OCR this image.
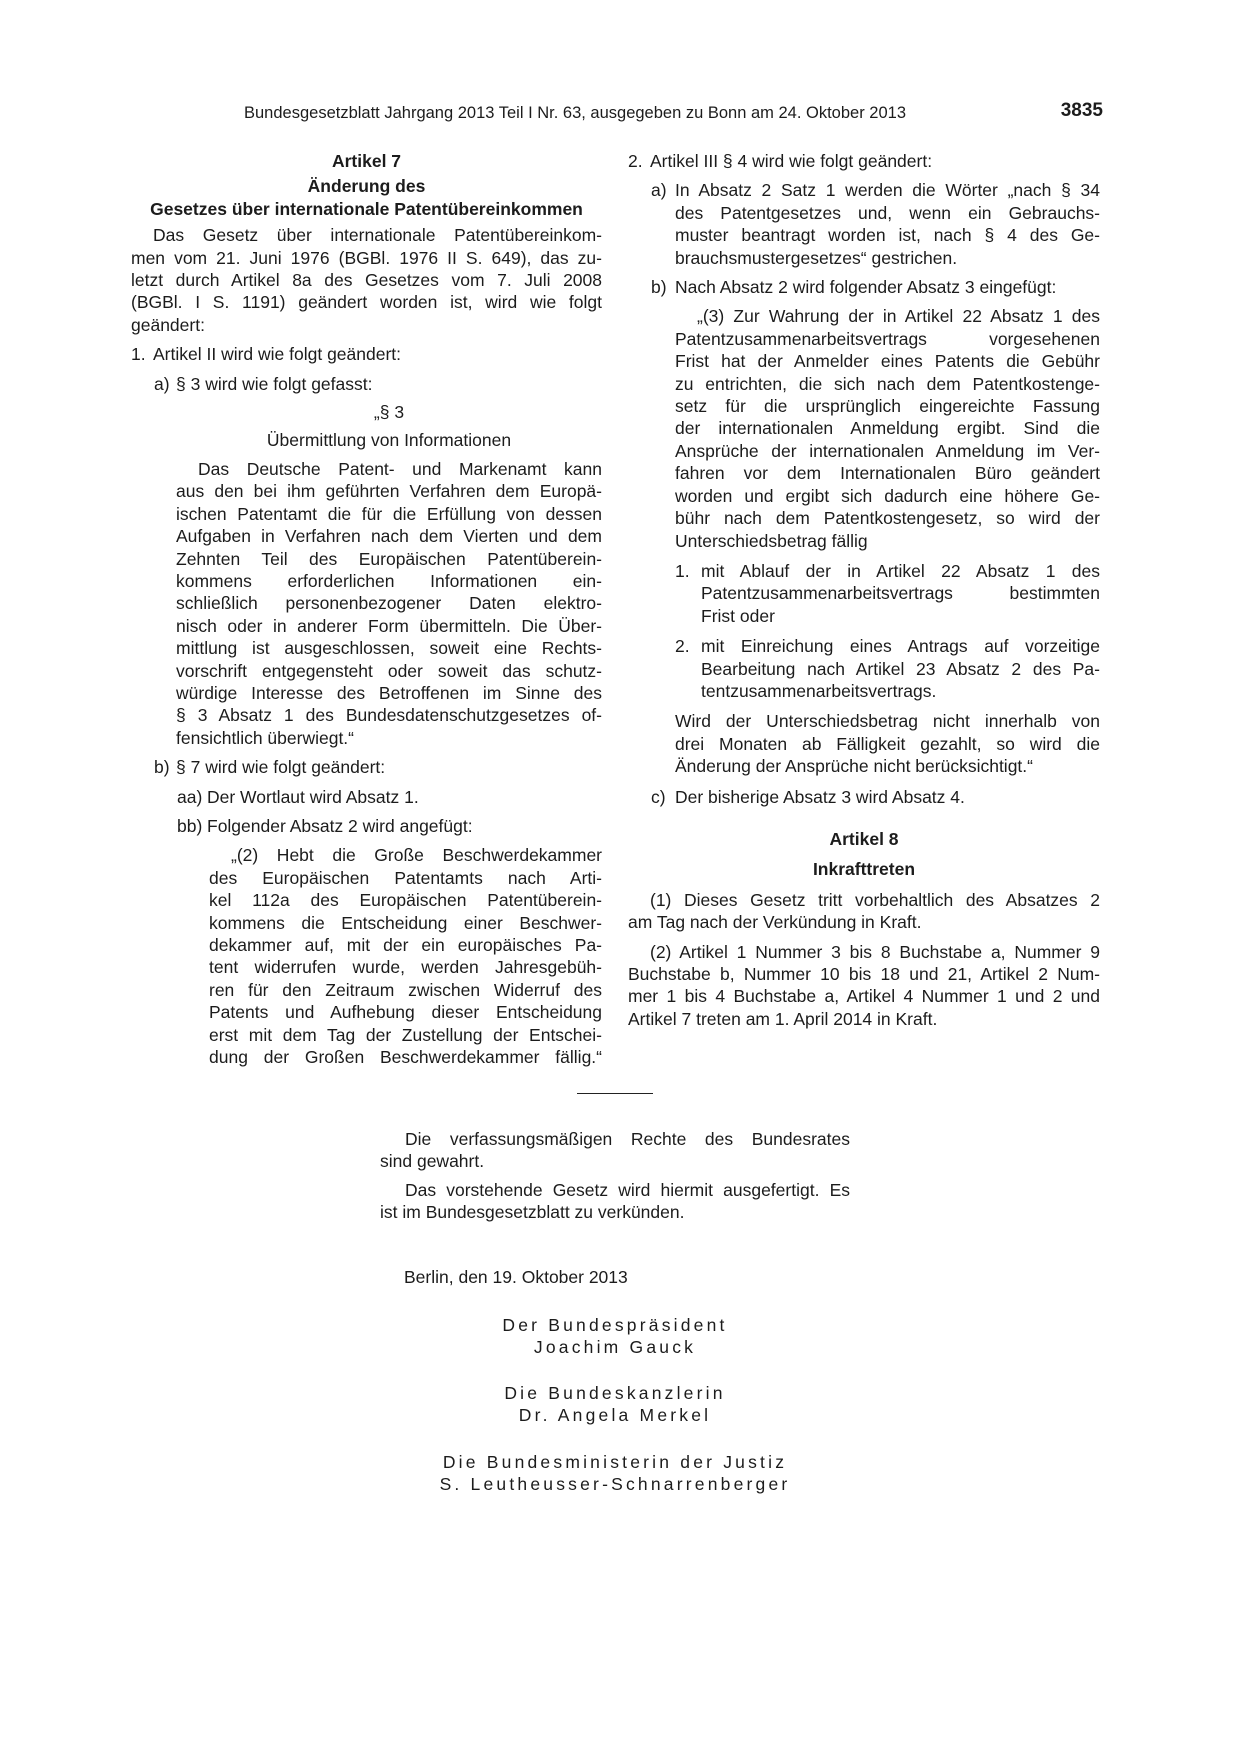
Bundesgesetzblatt Jahrgang 2013 Teil I Nr. 63, ausgegeben zu Bonn am 24. Oktober 2013	3835

Artikel 7

Änderung des

Gesetzes über internationale Patentübereinkommen

Das Gesetz über internationale Patentübereinkom-

men vom 21. Juni 1976 (BGBl. 1976 II S. 649), das zu-

letzt durch Artikel 8a des Gesetzes vom 7. Juli 2008

(BGBl. I S. 1191) geändert worden ist, wird wie folgt

geändert:

1. Artikel II wird wie folgt geändert:
a) § 3 wird wie folgt gefasst:

„§ 3

Übermittlung von Informationen

Das Deutsche Patent- und Markenamt kann

aus den bei ihm geführten Verfahren dem Europä-

ischen Patentamt die für die Erfüllung von dessen

Aufgaben in Verfahren nach dem Vierten und dem

Zehnten Teil des Europäischen Patentüberein-

kommens erforderlichen Informationen ein-

schließlich personenbezogener Daten elektro-

nisch oder in anderer Form übermitteln. Die Über-

mittlung ist ausgeschlossen, soweit eine Rechts-

vorschrift entgegensteht oder soweit das schutz-

würdige Interesse des Betroffenen im Sinne des

§ 3 Absatz 1 des Bundesdatenschutzgesetzes of-

fensichtlich überwiegt.“

b) § 7 wird wie folgt geändert:
aa) Der Wortlaut wird Absatz 1.
bb) Folgender Absatz 2 wird angefügt:

„(2) Hebt die Große Beschwerdekammer

des Europäischen Patentamts nach Arti-

kel 112a des Europäischen Patentüberein-

kommens die Entscheidung einer Beschwer-

dekammer auf, mit der ein europäisches Pa-

tent widerrufen wurde, werden Jahresgebüh-

ren für den Zeitraum zwischen Widerruf des

Patents und Aufhebung dieser Entscheidung

erst mit dem Tag der Zustellung der Entschei-

dung der Großen Beschwerdekammer fällig.“

2. Artikel III § 4 wird wie folgt geändert:
a) In Absatz 2 Satz 1 werden die Wörter „nach § 34

des Patentgesetzes und, wenn ein Gebrauchs-

muster beantragt worden ist, nach § 4 des Ge-

brauchsmustergesetzes“ gestrichen.

b) Nach Absatz 2 wird folgender Absatz 3 eingefügt:

„(3) Zur Wahrung der in Artikel 22 Absatz 1 des

Patentzusammenarbeitsvertrags vorgesehenen

Frist hat der Anmelder eines Patents die Gebühr

zu entrichten, die sich nach dem Patentkostenge-

setz für die ursprünglich eingereichte Fassung

der internationalen Anmeldung ergibt. Sind die

Ansprüche der internationalen Anmeldung im Ver-

fahren vor dem Internationalen Büro geändert

worden und ergibt sich dadurch eine höhere Ge-

bühr nach dem Patentkostengesetz, so wird der

Unterschiedsbetrag fällig

1. mit Ablauf der in Artikel 22 Absatz 1 des

Patentzusammenarbeitsvertrags bestimmten

Frist oder

2. mit Einreichung eines Antrags auf vorzeitige

Bearbeitung nach Artikel 23 Absatz 2 des Pa-

tentzusammenarbeitsvertrags.

Wird der Unterschiedsbetrag nicht innerhalb von

drei Monaten ab Fälligkeit gezahlt, so wird die

Änderung der Ansprüche nicht berücksichtigt.“

c) Der bisherige Absatz 3 wird Absatz 4.

Artikel 8

Inkrafttreten

(1) Dieses Gesetz tritt vorbehaltlich des Absatzes 2

am Tag nach der Verkündung in Kraft.

(2) Artikel 1 Nummer 3 bis 8 Buchstabe a, Nummer 9

Buchstabe b, Nummer 10 bis 18 und 21, Artikel 2 Num-

mer 1 bis 4 Buchstabe a, Artikel 4 Nummer 1 und 2 und

Artikel 7 treten am 1. April 2014 in Kraft.

Die verfassungsmäßigen Rechte des Bundesrates

sind gewahrt.

Das vorstehende Gesetz wird hiermit ausgefertigt. Es

ist im Bundesgesetzblatt zu verkünden.

Berlin, den 19. Oktober 2013

Der Bundespräsident

Joachim Gauck

Die Bundeskanzlerin

Dr. Angela Merkel

Die Bundesministerin der Justiz

S. Leutheusser-Schnarrenberger
